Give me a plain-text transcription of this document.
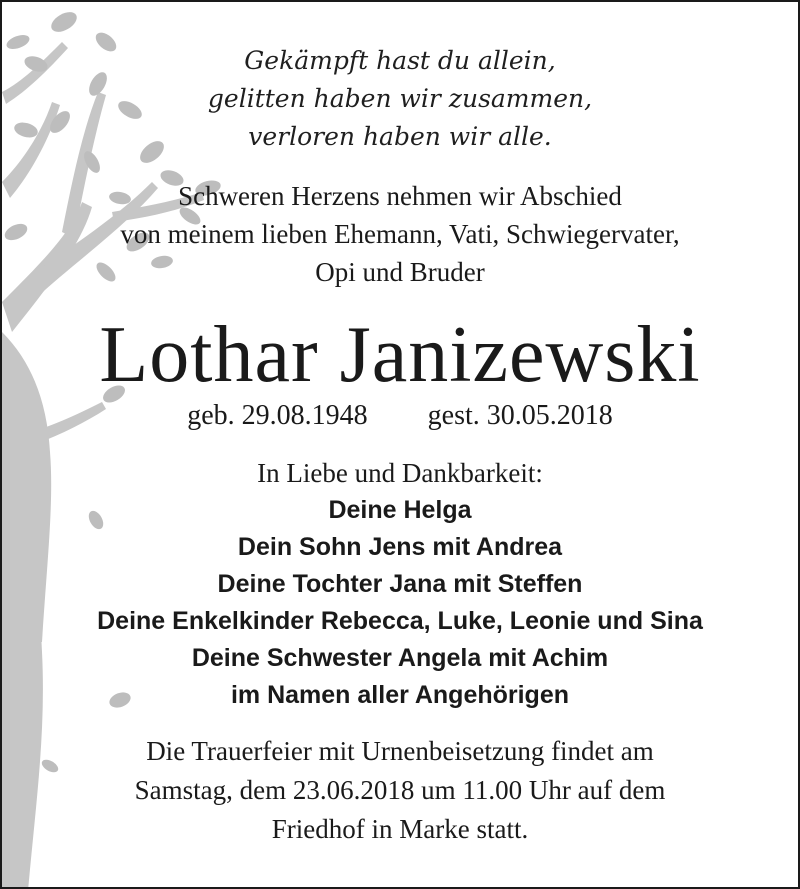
Gekämpft hast du allein,
gelitten haben wir zusammen,
verloren haben wir alle.
Schweren Herzens nehmen wir Abschied
von meinem lieben Ehemann, Vati, Schwiegervater,
Opi und Bruder
Lothar Janizewski
geb. 29.08.1948 gest. 30.05.2018
In Liebe und Dankbarkeit:
Deine Helga
Dein Sohn Jens mit Andrea
Deine Tochter Jana mit Steffen
Deine Enkelkinder Rebecca, Luke, Leonie und Sina
Deine Schwester Angela mit Achim
im Namen aller Angehörigen
Die Trauerfeier mit Urnenbeisetzung findet am
Samstag, dem 23.06.2018 um 11.00 Uhr auf dem
Friedhof in Marke statt.
